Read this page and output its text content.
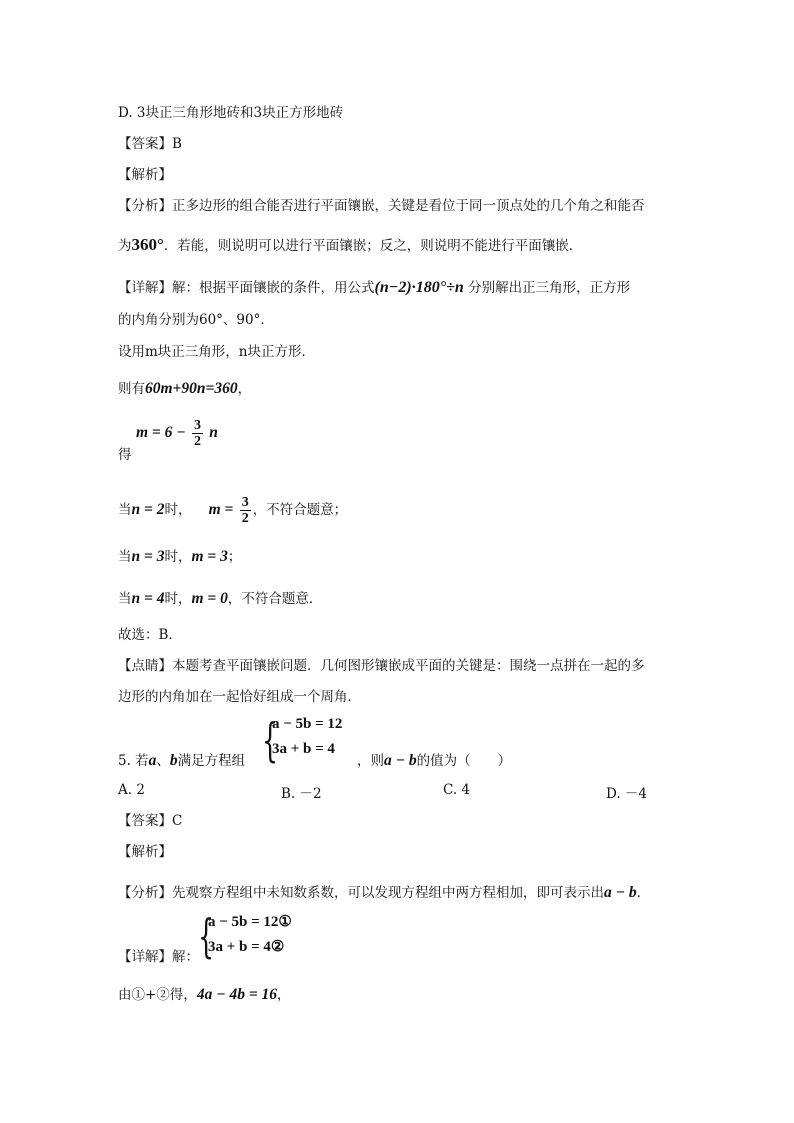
D. 3块正三角形地砖和3块正方形地砖
【答案】B
【解析】
【分析】正多边形的组合能否进行平面镶嵌，关键是看位于同一顶点处的几个角之和能否
为360°．若能，则说明可以进行平面镶嵌；反之，则说明不能进行平面镶嵌．
【详解】解：根据平面镶嵌的条件，用公式(n−2)·180°÷n 分别解出正三角形，正方形
的内角分别为60°、90°．
设用m块正三角形，n块正方形．
则有60m+90n=360，
得
$m = 6 - \frac{3}{2}$ n
当n = 2时， $m = \frac{3}{2}$ ，不符合题意；
当n = 3时，m = 3；
当n = 4时，m = 0，不符合题意．
故选：B．
【点睛】本题考查平面镶嵌问题．几何图形镶嵌成平面的关键是：围绕一点拼在一起的多
边形的内角加在一起恰好组成一个周角．
5. 若a、b满足方程组 {
a − 5b = 12
3a + b = 4
，则a − b的值为（　　）
A. 2	B. －2	C. 4	D. －4
【答案】C
【解析】
【分析】先观察方程组中未知数系数，可以发现方程组中两方程相加，即可表示出a − b．
【详解】解： {
a − 5b = 12①
3a + b = 4②
由①+②得，4a − 4b = 16，
